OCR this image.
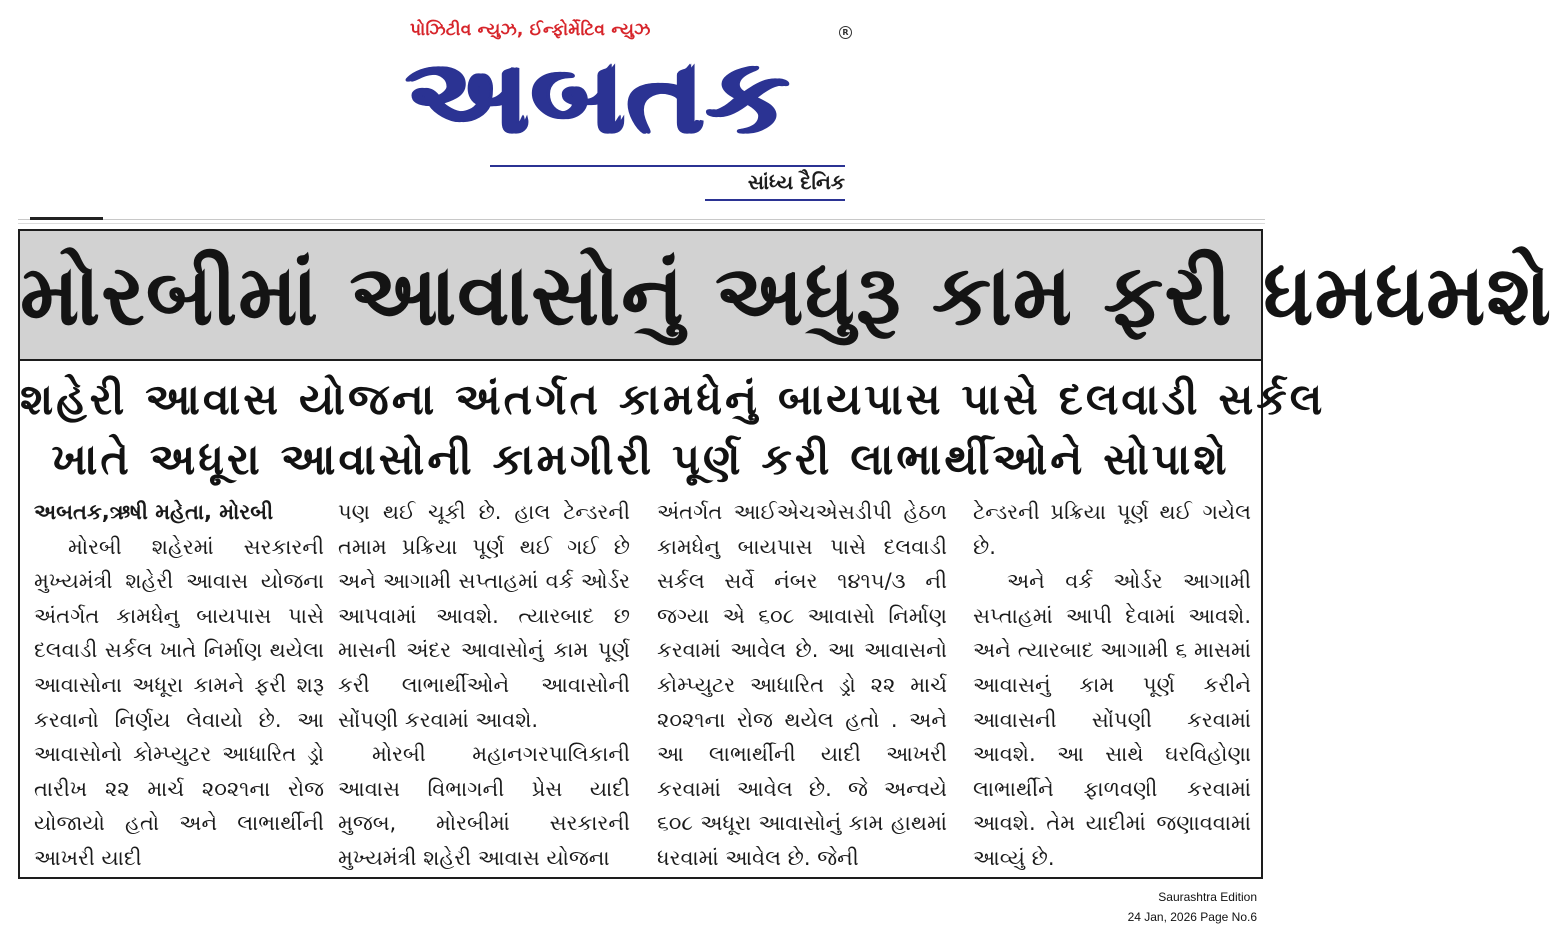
પોઝિટીવ ન્યુઝ, ઈન્ફોર્મેટિવ ન્યુઝ	R
અબતક
સાંધ્ય દૈનિક
મોરબીમાં આવાસોનું અધુરૂ કામ ફરી ધમધમશે
શહેરી આવાસ યોજના અંતર્ગત કામધેનું બાયપાસ પાસે દલવાડી સર્કલ
ખાતે અધૂરા આવાસોની કામગીરી પૂર્ણ કરી લાભાર્થીઓને સોપાશે

અબતક,ઋષી મહેતા, મોરબી

મોરબી શહેરમાં સરકારની મુખ્યમંત્રી શહેરી આવાસ યોજના અંતર્ગત કામધેનુ બાયપાસ પાસે દલવાડી સર્કલ ખાતે નિર્માણ થયેલા આવાસોના અધૂરા કામને ફરી શરૂ કરવાનો નિર્ણય લેવાયો છે. આ આવાસોનો કોમ્પ્યુટર આધારિત ડ્રો તારીખ ૨૨ માર્ચ ૨૦૨૧ના રોજ યોજાયો હતો અને લાભાર્થીની આખરી યાદી

પણ થઈ ચૂકી છે. હાલ ટેન્ડરની તમામ પ્રક્રિયા પૂર્ણ થઈ ગઈ છે અને આગામી સપ્તાહમાં વર્ક ઓર્ડર આપવામાં આવશે. ત્યારબાદ છ માસની અંદર આવાસોનું કામ પૂર્ણ કરી લાભાર્થીઓને આવાસોની સોંપણી કરવામાં આવશે.

મોરબી મહાનગરપાલિકાની આવાસ વિભાગની પ્રેસ યાદી મુજબ, મોરબીમાં સરકારની મુખ્યમંત્રી શહેરી આવાસ યોજના

અંતર્ગત આઈએચએસડીપી હેઠળ કામધેનુ બાયપાસ પાસે દલવાડી સર્કલ સર્વે નંબર ૧૪૧૫/૩ ની જગ્યા એ ૬૦૮ આવાસો નિર્માણ કરવામાં આવેલ છે. આ આવાસનો કોમ્પ્યુટર આધારિત ડ્રો ૨૨ માર્ચ ૨૦૨૧ના રોજ થયેલ હતો . અને આ લાભાર્થીની યાદી આખરી કરવામાં આવેલ છે. જે અન્વયે ૬૦૮ અધૂરા આવાસોનું કામ હાથમાં ધરવામાં આવેલ છે. જેની

ટેન્ડરની પ્રક્રિયા પૂર્ણ થઈ ગયેલ છે.

અને વર્ક ઓર્ડર આગામી સપ્તાહમાં આપી દેવામાં આવશે. અને ત્યારબાદ આગામી ૬ માસમાં આવાસનું કામ પૂર્ણ કરીને આવાસની સોંપણી કરવામાં આવશે. આ સાથે ઘરવિહોણા લાભાર્થીને ફાળવણી કરવામાં આવશે. તેમ યાદીમાં જણાવવામાં આવ્યું છે.

Saurashtra Edition
24 Jan, 2026 Page No.6
